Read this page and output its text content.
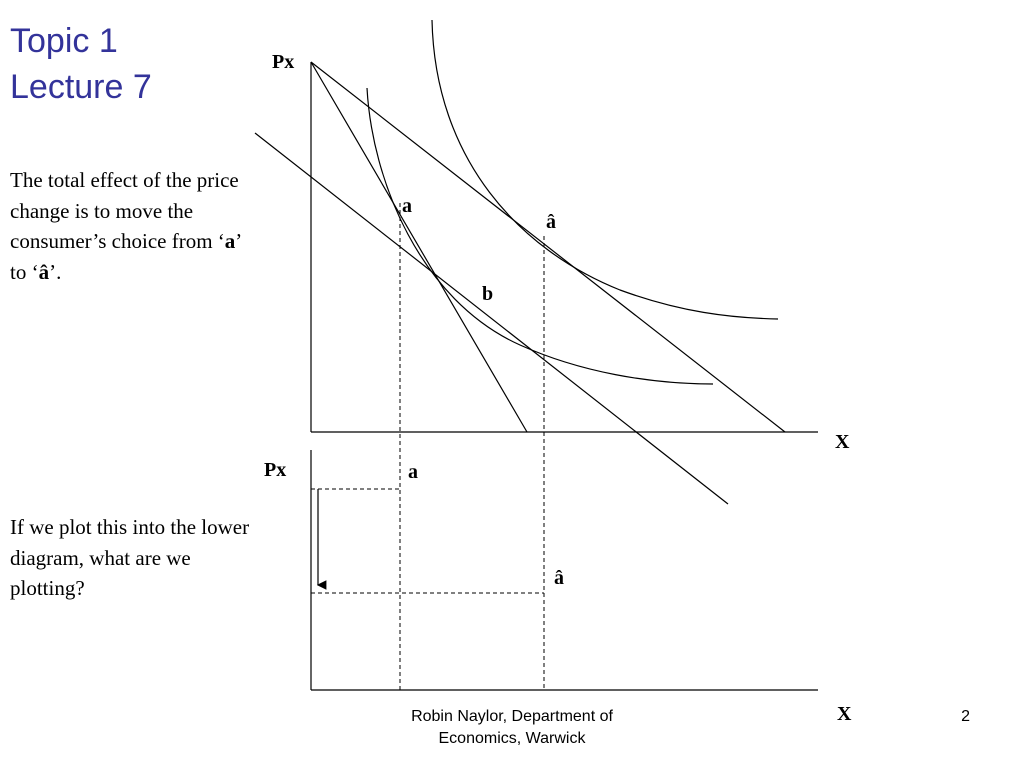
Topic 1
Lecture 7
The total effect of the price change is to move the consumer’s choice from ‘a’ to ‘â’.
If we plot this into the lower diagram, what are we plotting?
Px
X
a
â
b
Px
X
a
â
Robin Naylor, Department of
Economics, Warwick
2
